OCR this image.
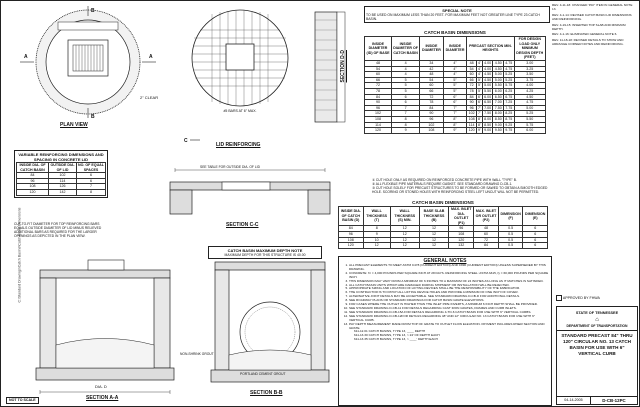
C:\Standard Drawings\Catch Basins\Catch Basin Dimensions
A	A
B
B
#5 BARS AT 6" MAX.
C
PLAN VIEW
LID REINFORCING
SECTION C-C
SECTION D-D
SECTION A-A
SECTION B-B
2" CLEAR
DIA. D
PORTLAND CEMENT GROUT
NON-SHRINK GROUT
SEE TABLE FOR OUTSIDE DIA. OF LID
VARIABLE REINFORCING DIMENSIONS AND SPACING IN CONCRETE LID
INSIDE DIA. OF CATCH BASIN	OUTSIDE DIA. OF LID	NO. OF EQUAL SPACES
84	102	6
96	114	6
108	126	7
120	142	8
CUT-TO-FIT DIAMETER FOR TOP REINFORCING BARS EQUALS OUTSIDE DIAMETER OF LID MINUS RELIEVED ADDITIONAL BARS AS REQUIRED FOR THE LARGER OPENINGS AS DEPICTED IN THE PLAN VIEW.
CATCH BASIN MAXIMUM DEPTH NOTE
MAXIMUM DEPTH FOR THIS STRUCTURE IS 40.00
SPECIAL NOTE
TO BE USED ON MAXIMUM LESS THAN 20 FEET. FOR MAXIMUM FEET NOT GREATER LINE TYPE 23 CATCH BASIN.
CATCH BASIN DIMENSIONS
INSIDE DIAMETER (ID) OF BASE	INSIDE DIAMETER OF CATCH BASIN	INSIDE DIAMETER	INSIDE DIAMETER	PRECAST SECTION MIN. HEIGHTS					FOR DESIGN LOAD ONLY MINIMUM DESIGN DEPTH (FEET)
48	4	34	4"	48	4'	4.00	4.50	4.75	3.00
54	4	42	4"	54	4'	4.00	4.50	4.75	3.25
60	4	48	4"	60	4'	4.50	5.00	5.25	3.50
66	5	54	5"	66	5'	4.50	5.00	5.25	3.75
72	5	60	5"	72	5'	5.00	5.50	5.75	4.00
78	5	66	5"	78	5'	5.50	6.00	6.25	4.25
84	6	72	6"	84	6'	6.00	6.50	6.75	4.50
90	6	78	6"	90	6'	6.50	7.00	7.25	4.75
96	7	84	7"	96	7'	7.00	7.50	7.75	5.00
102	7	90	7"	102	7'	7.50	8.00	8.25	5.25
108	8	96	8"	108	8'	8.00	8.50	8.75	5.50
114	8	102	8"	114	8'	8.50	9.00	9.25	5.75
120	9	108	9"	120	9'	9.00	9.50	9.75	6.00
① CUT HOLE ONLY AS REQUIRED ON REINFORCED CONCRETE PIPE WITH WALL "TYPE" B.
② ALL FLEXIBLE PIPE MATERIALS REQUIRE GASKET. SEE STANDARD DRAWING D-CB-1.
③ CUT HOLE SOLELY FOR PRECAST STRUCTURES TO BE FORMED OR SAWED TO OBTAIN A SMOOTH EDGED HOLE. SCORING OR STONED HOLES WITH REINFORCING STEEL LEFT UNCUT WILL NOT BE PERMITTED.
CATCH BASIN DIMENSIONS
INSIDE DIA. OF CATCH BASIN (D)	WALL THICKNESS (T)	WALL THICKNESS (S) MIN.	BASE SLAB THICKNESS (B)	MAX. INLET DIA. OUTLET (P1)	MAX. INLET OR OUTLET (P2)	DIMENSION (F)	DIMENSION (E)
84	8	12	12	96	48	0.5	6
96	9	12	12	108	60	0.5	6
108	10	12	12	120	72	0.5	6
120	12	12	12	132	84	0.5	6
GENERAL NOTES
1. ALL PRECAST ELEMENTS TO MEET ASTM C478 (CURRENT EDITION) AND C890 (CURRENT EDITION) UNLESS SUPERSEDED BY THIS DRAWING.
2. CONCRETE: f'c = 4,000 POUNDS PER SQUARE INCH AT 28 DAYS. REINFORCING STEEL: ASTM A615, fy = 60,000 POUNDS PER SQUARE INCH.
3. THIS DIMENSION MAY VARY FROM A MINIMUM OF 6 INCHES TO A MAXIMUM OF 24 INCHES AS LONG AS IT MATCHES IS SATISFIED.
4. ALL CATCH BASIN UNITS WHICH ARE DAMAGED DURING SHIPMENT OR INSTALLATION WILL BE REJECTED.
5. APPROPRIATE SIZING AND LOCATION OF LIFTING DEVICES SHALL BE THE RESPONSIBILITY OF THE FABRICATOR.
6. THE CONTRACTOR IS TO PATCH ALL LIFTING DEVICE HOLES AND PROVIDE A MINIMUM OF ONE INCH OF COVER.
7. ALTERNATIVE JOINT DETAILS MAY BE ACCEPTABLE. SEE STANDARD DRAWING D-CB-D FOR ADDITIONAL DETAILS.
8. SEE ROADWAY PLANS OR STANDARD DRAWINGS FOR CATCH BASIN GRATE ELEVATIONS.
9. FOR CASES WHERE THE OUTLET IS HIGHER THAN THE INLET PIPE INVERTS, A MINIMUM 6 INCH DEPTH SHALL BE PROVIDED.
10. SEE STANDARD DRAWING D-CB-11 FOR DETAILS REGARDING CAST IRON GRATES, FRAMES AND CURB INLETS.
11. SEE STANDARD DRAWING D-CB-15A FOR DETAILS REGARDING 4-TO-6 CATCH BASIN FOR USE WITH 6" VERTICAL CURBS.
12. SEE STANDARD DRAWING D-CB-12FOR DETAILS REGARDING 48" AND 12" CIRCULAR NO. 13 CATCH BASIN FOR USE WITH 6" VERTICAL CURB.
13. PAY DEPTH MEASUREMENT MADE FROM TOP OF GRATE TO OUTLET FLOW ELEVATION. PAYMENT INCLUDES RISER SECTION AND GRATE.
611-12.01 CATCH BASINS, TYPE 13, ____ DEPTH
611-13.30 CATCH BASINS, TYPE 13, > 24' OF DEPTH EACH
611-13.35 CATCH BASINS, TYPE 13, > ____' DEPTH EACH
REV. 4-11-18: CHANGED 'PAY' ITEM IN GENERAL NOTE 13.
REV. 4-1-14: REVISED CATCH BASIN LID DIMENSIONS AND REINFORCING.
REV. 4-19-15: INSERTED TOP SLAB AND MINIMUM DEPTH.
REV. 4-1-16: ELIMINATED GENERAL NOTE 6.
REV. 11-18-18: REVISED DETAILS TO SHOW AND ARRANGE CORNER NOTES AND REINFORCING.
APPROVED BY FHWA
STATE OF TENNESSEE
⌂
DEPARTMENT OF TRANSPORTATION
STANDARD PRECAST 84" THRU 120" CIRCULAR NO. 13 CATCH BASIN FOR USE WITH 6" VERTICAL CURB
04-14-2005	D-CB-12PC
NOT TO SCALE
